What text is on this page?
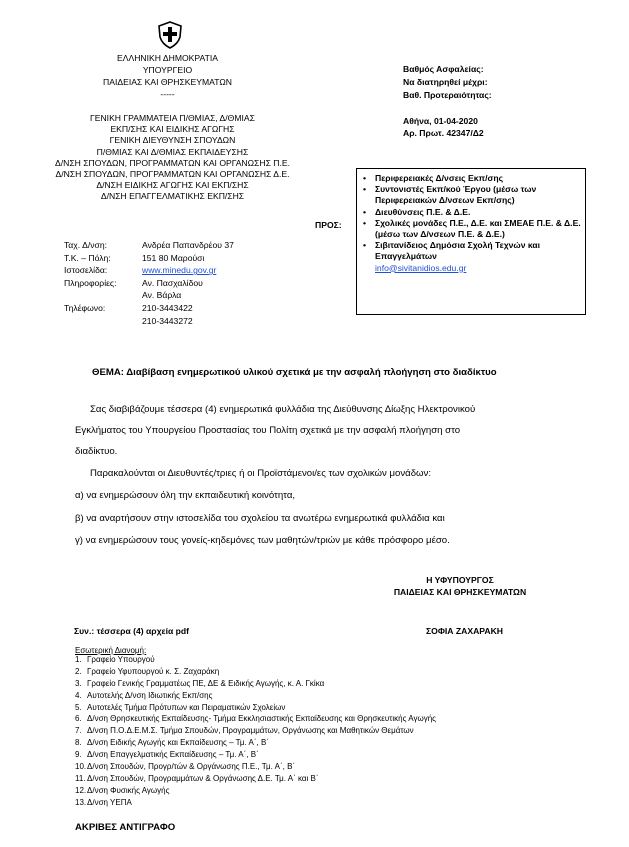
ΕΛΛΗΝΙΚΗ ΔΗΜΟΚΡΑΤΙΑ
ΥΠΟΥΡΓΕΙΟ
ΠΑΙΔΕΙΑΣ ΚΑΙ ΘΡΗΣΚΕΥΜΑΤΩΝ
-----
ΓΕΝΙΚΗ ΓΡΑΜΜΑΤΕΙΑ Π/ΘΜΙΑΣ, Δ/ΘΜΙΑΣ
ΕΚΠ/ΣΗΣ ΚΑΙ ΕΙΔΙΚΗΣ ΑΓΩΓΗΣ
ΓΕΝΙΚΗ ΔΙΕΥΘΥΝΣΗ ΣΠΟΥΔΩΝ
Π/ΘΜΙΑΣ ΚΑΙ Δ/ΘΜΙΑΣ ΕΚΠΑΙΔΕΥΣΗΣ
Δ/ΝΣΗ ΣΠΟΥΔΩΝ, ΠΡΟΓΡΑΜΜΑΤΩΝ ΚΑΙ ΟΡΓΑΝΩΣΗΣ Π.Ε.
Δ/ΝΣΗ ΣΠΟΥΔΩΝ, ΠΡΟΓΡΑΜΜΑΤΩΝ ΚΑΙ ΟΡΓΑΝΩΣΗΣ Δ.Ε.
Δ/ΝΣΗ ΕΙΔΙΚΗΣ ΑΓΩΓΗΣ ΚΑΙ ΕΚΠ/ΣΗΣ
Δ/ΝΣΗ ΕΠΑΓΓΕΛΜΑΤΙΚΗΣ ΕΚΠ/ΣΗΣ
Ταχ. Δ/νση:	Ανδρέα Παπανδρέου 37
Τ.Κ. – Πόλη:	151 80 Μαρούσι
Ιστοσελίδα:	www.minedu.gov.gr
Πληροφορίες:	Αν. Πασχαλίδου
Αν. Βάρλα
Τηλέφωνο:	210-3443422
210-3443272
Βαθμός Ασφαλείας:
Να διατηρηθεί μέχρι:
Βαθ. Προτεραιότητας:
Αθήνα, 01-04-2020
Αρ. Πρωτ. 42347/Δ2
ΠΡΟΣ:
• Περιφερειακές Δ/νσεις Εκπ/σης
• Συντονιστές Εκπ/κού Έργου (μέσω των Περιφερειακών Δ/νσεων Εκπ/σης)
• Διευθύνσεις Π.Ε. & Δ.Ε.
• Σχολικές μονάδες Π.Ε., Δ.Ε. και ΣΜΕΑΕ Π.Ε. & Δ.Ε. (μέσω των Δ/νσεων Π.Ε. & Δ.Ε.)
• Σιβιτανίδειος Δημόσια Σχολή Τεχνών και Επαγγελμάτων
info@sivitanidios.edu.gr
ΘΕΜΑ: Διαβίβαση ενημερωτικού υλικού σχετικά με την ασφαλή πλοήγηση στο διαδίκτυο
Σας διαβιβάζουμε τέσσερα (4) ενημερωτικά φυλλάδια της Διεύθυνσης Δίωξης Ηλεκτρονικού
Εγκλήματος του Υπουργείου Προστασίας του Πολίτη σχετικά με την ασφαλή πλοήγηση στο
διαδίκτυο.
Παρακαλούνται οι Διευθυντές/τριες ή οι Προϊστάμενοι/ες των σχολικών μονάδων:
α) να ενημερώσουν όλη την εκπαιδευτική κοινότητα,
β) να αναρτήσουν στην ιστοσελίδα του σχολείου τα ανωτέρω ενημερωτικά φυλλάδια και
γ) να ενημερώσουν τους γονείς-κηδεμόνες των μαθητών/τριών με κάθε πρόσφορο μέσο.
Η ΥΦΥΠΟΥΡΓΟΣ
ΠΑΙΔΕΙΑΣ ΚΑΙ ΘΡΗΣΚΕΥΜΑΤΩΝ
Συν.: τέσσερα (4) αρχεία pdf	ΣΟΦΙΑ ΖΑΧΑΡΑΚΗ
Εσωτερική Διανομή:
1. Γραφείο Υπουργού
2. Γραφείο Υφυπουργού κ. Σ. Ζαχαράκη
3. Γραφείο Γενικής Γραμματέως ΠΕ, ΔΕ & Ειδικής Αγωγής, κ. Α. Γκίκα
4. Αυτοτελής Δ/νση Ιδιωτικής Εκπ/σης
5. Αυτοτελές Τμήμα Πρότυπων και Πειραματικών Σχολείων
6. Δ/νση Θρησκευτικής Εκπαίδευσης- Τμήμα Εκκλησιαστικής Εκπαίδευσης και Θρησκευτικής Αγωγής
7. Δ/νση Π.Ο.Δ.Ε.Μ.Σ. Τμήμα Σπουδών, Προγραμμάτων, Οργάνωσης και Μαθητικών Θεμάτων
8. Δ/νση Ειδικής Αγωγής και Εκπαίδευσης – Τμ. Α΄, Β΄
9. Δ/νση Επαγγελματικής Εκπαίδευσης – Τμ. Α΄, Β΄
10. Δ/νση Σπουδών, Προγρ/τών & Οργάνωσης Π.Ε., Τμ. Α΄, Β΄
11. Δ/νση Σπουδών, Προγραμμάτων & Οργάνωσης Δ.Ε. Τμ. Α΄ και Β΄
12. Δ/νση Φυσικής Αγωγής
13. Δ/νση ΥΕΠΑ
ΑΚΡΙΒΕΣ ΑΝΤΙΓΡΑΦΟ
